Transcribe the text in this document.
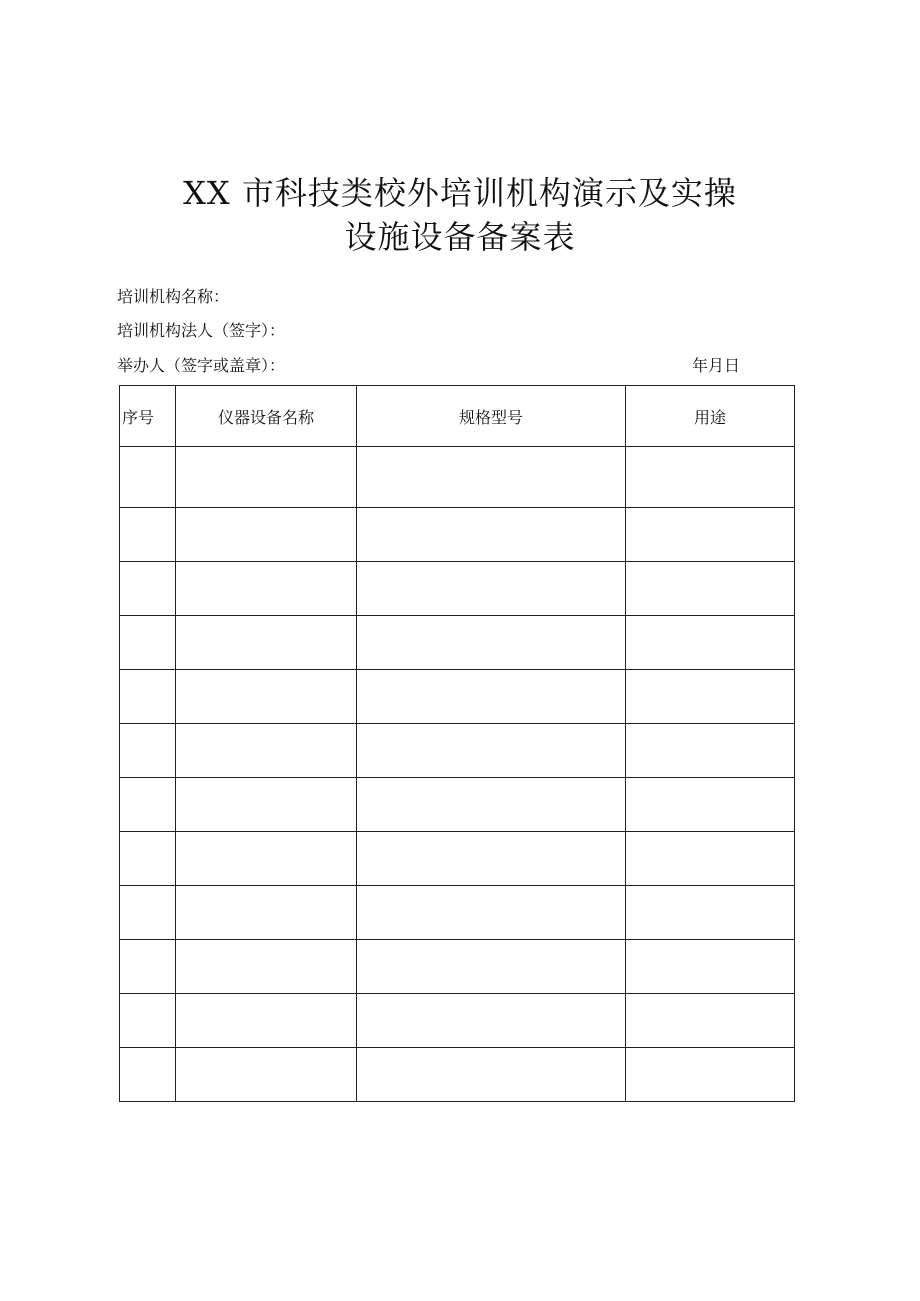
XX 市科技类校外培训机构演示及实操
设施设备备案表
培训机构名称：
培训机构法人（签字）：
举办人（签字或盖章）：	年月日
序号	仪器设备名称	规格型号	用途
